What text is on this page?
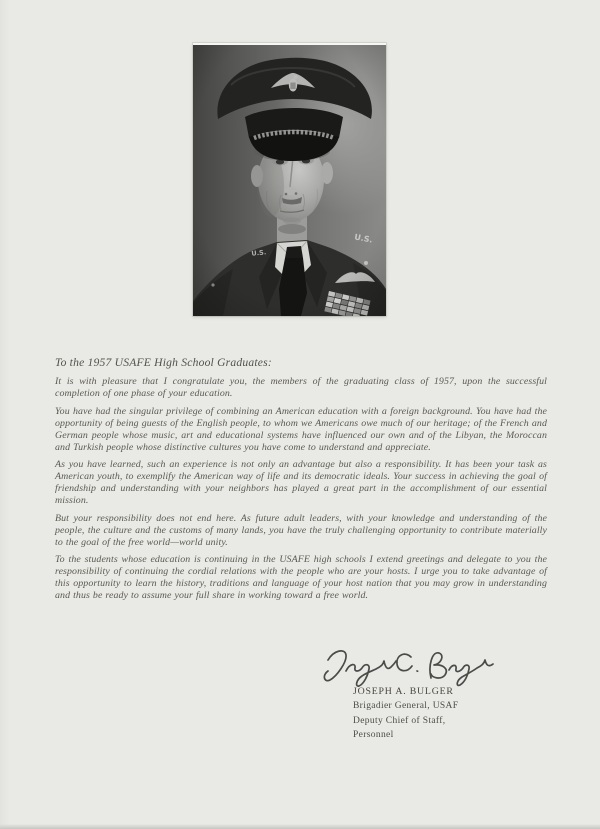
To the 1957 USAFE High School Graduates:
It is with pleasure that I congratulate you, the members of the graduating class of 1957, upon the successful completion of one phase of your education.
You have had the singular privilege of combining an American education with a foreign background. You have had the opportunity of being guests of the English people, to whom we Americans owe much of our heritage; of the French and German people whose music, art and educational systems have influenced our own and of the Libyan, the Moroccan and Turkish people whose distinctive cultures you have come to understand and appreciate.
As you have learned, such an experience is not only an advantage but also a responsibility. It has been your task as American youth, to exemplify the American way of life and its democratic ideals. Your success in achieving the goal of friendship and understanding with your neighbors has played a great part in the accomplishment of our essential mission.
But your responsibility does not end here. As future adult leaders, with your knowledge and understanding of the people, the culture and the customs of many lands, you have the truly challenging opportunity to contribute materially to the goal of the free world—world unity.
To the students whose education is continuing in the USAFE high schools I extend greetings and delegate to you the responsibility of continuing the cordial relations with the people who are your hosts. I urge you to take advantage of this opportunity to learn the history, traditions and language of your host nation that you may grow in understanding and thus be ready to assume your full share in working toward a free world.
JOSEPH A. BULGER
Brigadier General, USAF
Deputy Chief of Staff,
Personnel
